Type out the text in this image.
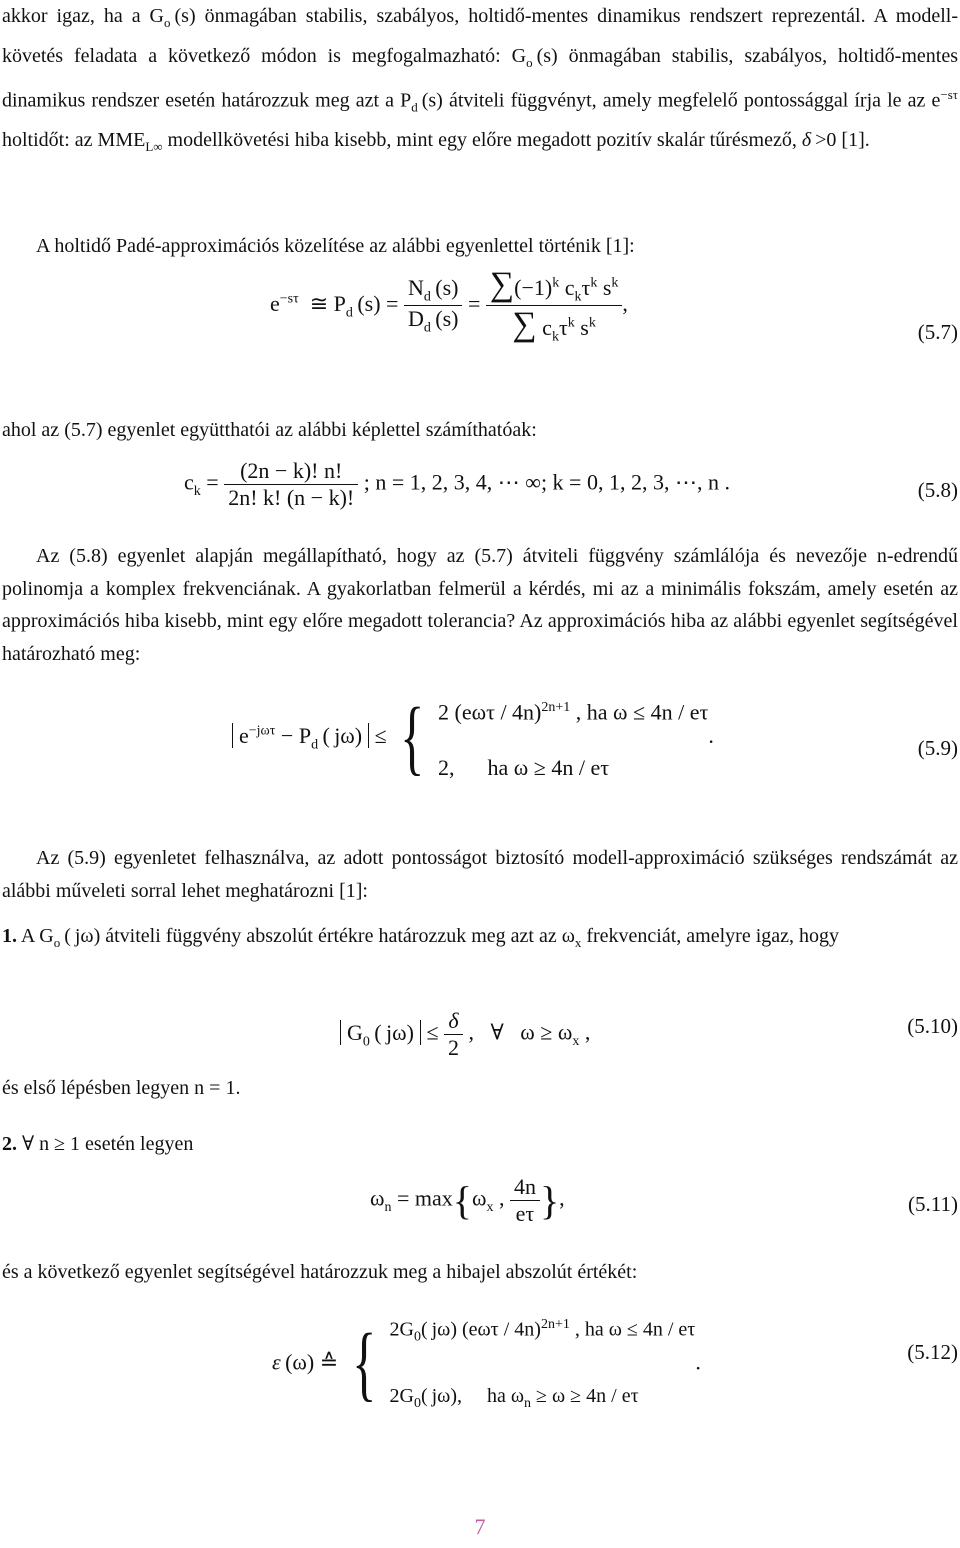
akkor igaz, ha a $G_o$ (s) önmagában stabilis, szabályos, holtidő-mentes dinamikus rendszert reprezentál. A modell-követés feladata a következő módon is megfogalmazható: $G_o$ (s) önmagában stabilis, szabályos, holtidő-mentes dinamikus rendszer esetén határozzuk meg azt a $P_d$ (s) átviteli függvényt, amely megfelelő pontossággal írja le az $e^{-s\tau}$ holtidőt: az $MME_{L\infty}$ modellkövetési hiba kisebb, mint egy előre megadott pozitív skalár tűrésmező, δ >0 [1].

A holtidő Padé-approximációs közelítése az alábbi egyenlettel történik [1]:

$e^{-s\tau}$  ≅ $P_d$ $(s) = \frac{N_d (s)}{D_d (s)} = \frac{\sum(-1)^k c_k\tau^k s^k}{\sum c_k\tau^k s^k}$ ,
(5.7)

ahol az (5.7) egyenlet együtthatói az alábbi képlettel számíthatóak:

$c_k = \frac{(2n - k)! n!}{2n! k! (n - k)!}$ ; n = 1, 2, 3, 4, ⋯ ∞; k = 0, 1, 2, 3, ⋯, n .	(5.8)

Az (5.8) egyenlet alapján megállapítható, hogy az (5.7) átviteli függvény számlálója és nevezője n-edrendű polinomja a komplex frekvenciának. A gyakorlatban felmerül a kérdés, mi az a minimális fokszám, amely esetén az approximációs hiba kisebb, mint egy előre megadott tolerancia? Az approximációs hiba az alábbi egyenlet segítségével határozható meg:

$e^{-j\omega\tau} - P_d$ ( jω) ≤ { 2 (eωτ / 4n)$^{2n+1}$ , ha ω ≤ 4n / eτ
2,      ha ω ≥ 4n / eτ
.	(5.9)

Az (5.9) egyenletet felhasználva, az adott pontosságot biztosító modell-approximáció szükséges rendszámát az alábbi műveleti sorral lehet meghatározni [1]:

1. A $G_o$ ( jω) átviteli függvény abszolút értékre határozzuk meg azt az $\omega_x$ frekvenciát, amelyre igaz, hogy

$G_0$ ( $j\omega) \le \frac{\delta}{2}$ ,   ∀   $\omega \ge \omega_x$ ,	(5.10)

és első lépésben legyen n = 1.

2. ∀ n ≥ 1 esetén legyen

$\omega_n = \max\{\omega_x$ , $\frac{4n}{e\tau}$ },	(5.11)

és a következő egyenlet segítségével határozzuk meg a hibajel abszolút értékét:

ε (ω) ≙ { $2G_0$( jω) (eωτ / 4n)$^{2n+1}$ , ha ω ≤ 4n / eτ
$2G_0$( jω),     ha $\omega_n \ge \omega \ge 4n / e\tau$
.	(5.12)
7
